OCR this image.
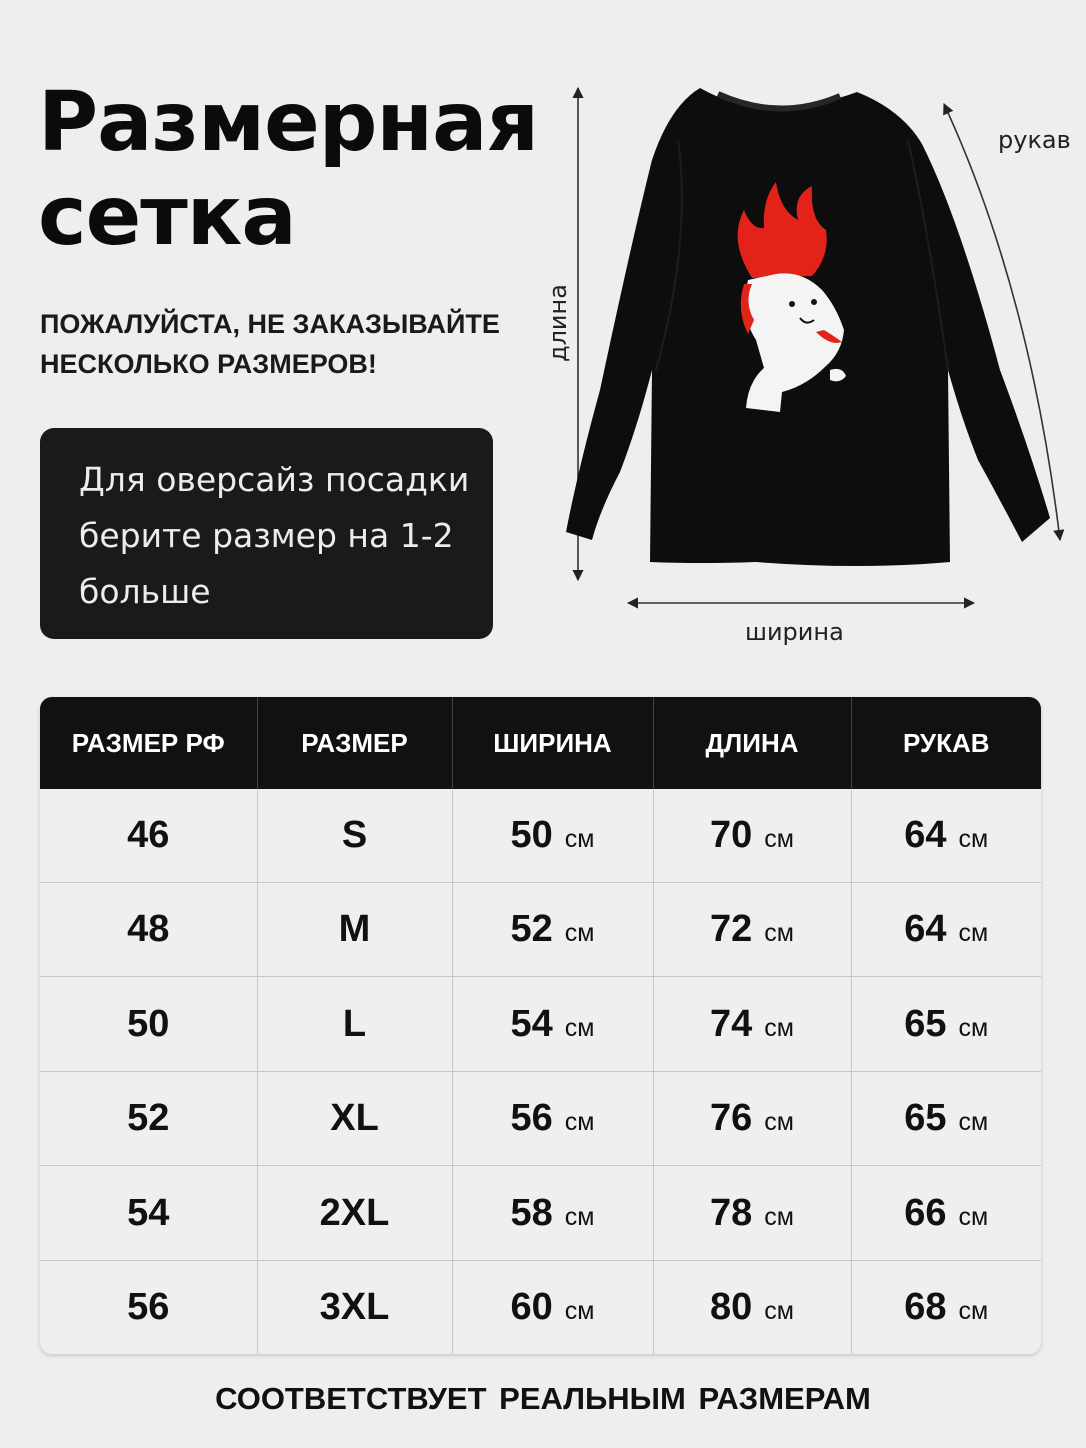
Размерная
сетка
ПОЖАЛУЙСТА, НЕ ЗАКАЗЫВАЙТЕ
НЕСКОЛЬКО РАЗМЕРОВ!
Для оверсайз посадки берите размер на 1-2 больше
рукав
ширина
длина
РАЗМЕР РФ	РАЗМЕР	ШИРИНА	ДЛИНА	РУКАВ
46	S	50 см	70 см	64 см
48	M	52 см	72 см	64 см
50	L	54 см	74 см	65 см
52	XL	56 см	76 см	65 см
54	2XL	58 см	78 см	66 см
56	3XL	60 см	80 см	68 см
СООТВЕТСТВУЕТ РЕАЛЬНЫМ РАЗМЕРАМ
